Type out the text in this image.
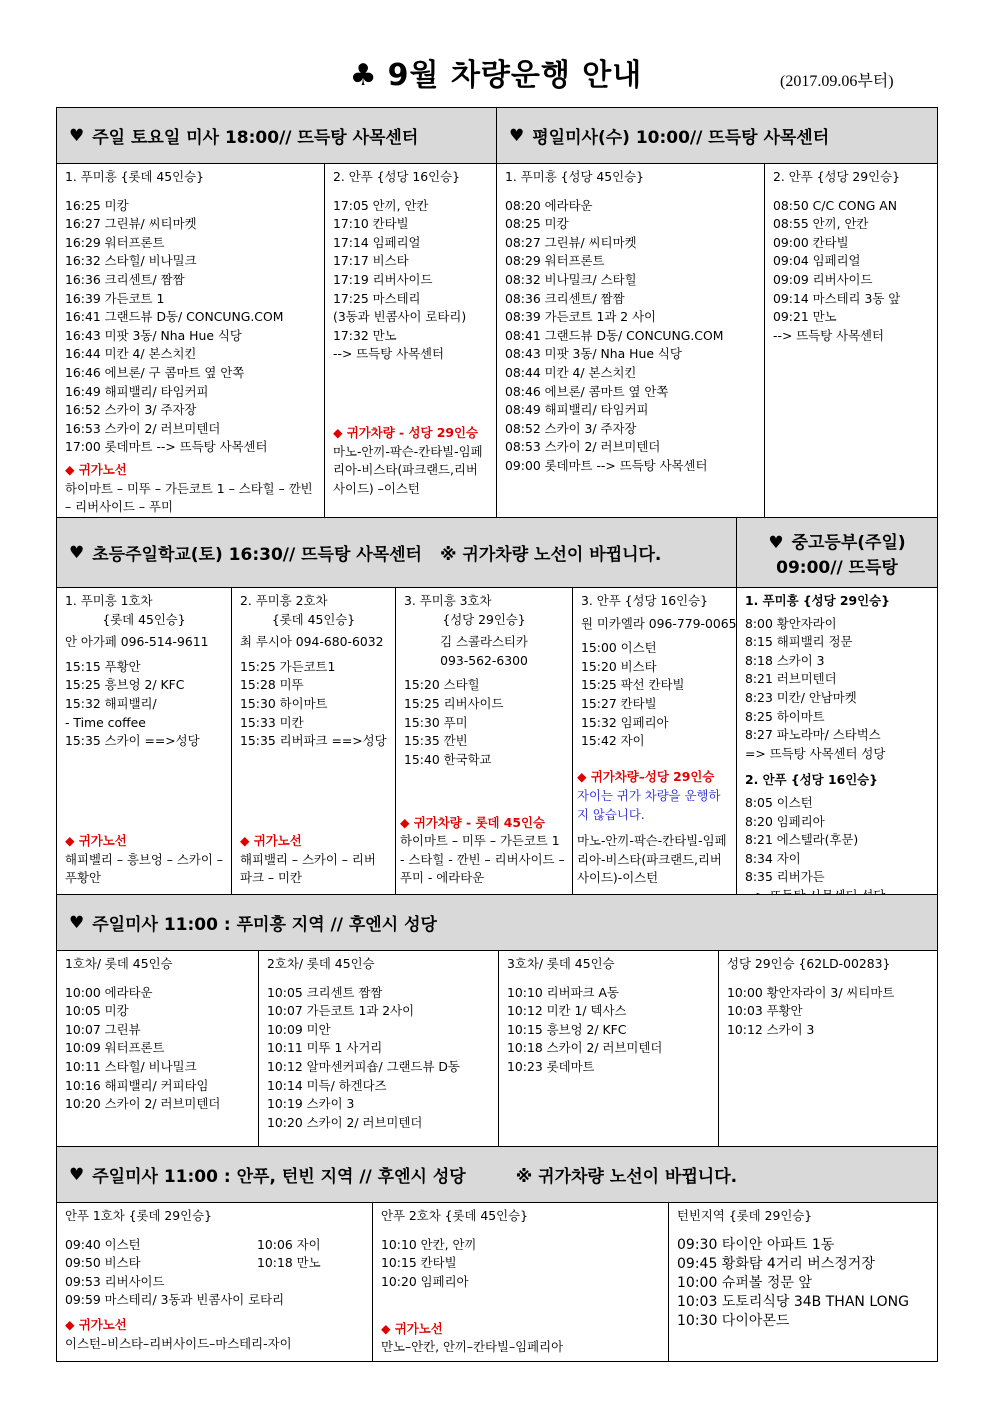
♣ 9월 차량운행 안내	(2017.09.06부터)
♥ 주일 토요일 미사 18:00// 뜨득탕 사목센터	♥ 평일미사(수) 10:00// 뜨득탕 사목센터
1. 푸미흥 {롯데 45인승}
16:25 미캉
16:27 그린뷰/ 씨티마켓
16:29 워터프론트
16:32 스타힐/ 비나밀크
16:36 크리센트/ 짬짬
16:39 가든코트 1
16:41 그랜드뷰 D동/ CONCUNG.COM
16:43 미팟 3동/ Nha Hue 식당
16:44 미칸 4/ 본스치킨
16:46 에브론/ 구 콤마트 옆 안쪽
16:49 해피밸리/ 타임커피
16:52 스카이 3/ 주자장
16:53 스카이 2/ 러브미텐더
17:00 롯데마트 --> 뜨득탕 사목센터
◆ 귀가노선
하이마트 – 미뚜 – 가든코트 1 – 스타힐 – 깐빈 – 리버사이드 – 푸미
2. 안푸 {성당 16인승}
17:05 안끼, 안칸
17:10 칸타빌
17:14 임페리얼
17:17 비스타
17:19 리버사이드
17:25 마스테리
(3동과 빈콤사이 로타리)
17:32 만노
--> 뜨득탕 사목센터
◆ 귀가차량 - 성당 29인승
마노-안끼-팍슨-칸타빌-임페리아-비스타(파크랜드,리버사이드) –이스턴
1. 푸미흥 {성당 45인승}
08:20 에라타운
08:25 미캉
08:27 그린뷰/ 씨티마켓
08:29 워터프론트
08:32 비나밀크/ 스타힐
08:36 크리센트/ 짬짬
08:39 가든코트 1과 2 사이
08:41 그랜드뷰 D동/ CONCUNG.COM
08:43 미팟 3동/ Nha Hue 식당
08:44 미칸 4/ 본스치킨
08:46 에브론/ 콤마트 옆 안쪽
08:49 해피밸리/ 타임커피
08:52 스카이 3/ 주자장
08:53 스카이 2/ 러브미텐더
09:00 롯데마트 --> 뜨득탕 사목센터
2. 안푸 {성당 29인승}
08:50 C/C CONG AN
08:55 안끼, 안칸
09:00 칸타빌
09:04 임페리얼
09:09 리버사이드
09:14 마스테리 3동 앞
09:21 만노
--> 뜨득탕 사목센터
♥ 초등주일학교(토) 16:30// 뜨득탕 사목센터 ※ 귀가차량 노선이 바뀝니다.
♥ 중고등부(주일)
09:00// 뜨득탕
1. 푸미흥 1호차
{롯데 45인승}
안 아가페 096-514-9611
15:15 푸황안
15:25 흥브엉 2/ KFC
15:32 해피밸리/
- Time coffee
15:35 스카이 ==>성당
◆ 귀가노선
해피벨리 – 흥브엉 – 스카이 – 푸황안
2. 푸미흥 2호차
{롯데 45인승}
최 루시아 094-680-6032
15:25 가든코트1
15:28 미뚜
15:30 하이마트
15:33 미칸
15:35 리버파크 ==>성당
◆ 귀가노선
해피밸리 – 스카이 – 리버파크 – 미칸
3. 푸미흥 3호차
{성당 29인승}
김 스콜라스티카
093-562-6300
15:20 스타힐
15:25 리버사이드
15:30 푸미
15:35 깐빈
15:40 한국학교
◆ 귀가차량 - 롯데 45인승
하이마트 – 미뚜 – 가든코트 1 - 스타힐 - 깐빈 – 리버사이드 – 푸미 - 에라타운
3. 안푸 {성당 16인승}
원 미카엘라 096-779-0065
15:00 이스턴
15:20 비스타
15:25 팍선 칸타빌
15:27 칸타빌
15:32 임페리아
15:42 자이
◆ 귀가차량–성당 29인승
자이는 귀가 차량을 운행하지 않습니다.
마노-안끼-팍슨-칸타빌-임페리아-비스타(파크랜드,리버사이드)-이스턴
1. 푸미흥 {성당 29인승}
8:00 황안자라이
8:15 해피밸리 정문
8:18 스카이 3
8:21 러브미텐더
8:23 미칸/ 안남마켓
8:25 하이마트
8:27 파노라마/ 스타벅스
=> 뜨득탕 사목센터 성당
2. 안푸 {성당 16인승}
8:05 이스턴
8:20 임페리아
8:21 에스텔라(후문)
8:34 자이
8:35 리버가든
♥ 주일미사 11:00 : 푸미흥 지역 // 후엔시 성당
1호차/ 롯데 45인승
10:00 에라타운
10:05 미캉
10:07 그린뷰
10:09 워터프론트
10:11 스타힐/ 비나밀크
10:16 해피밸리/ 커피타임
10:20 스카이 2/ 러브미텐더
2호차/ 롯데 45인승
10:05 크리센트 짬짬
10:07 가든코트 1과 2사이
10:09 미안
10:11 미뚜 1 사거리
10:12 알마센커피숍/ 그랜드뷰 D동
10:14 미득/ 하겐다즈
10:19 스카이 3
10:20 스카이 2/ 러브미텐더
3호차/ 롯데 45인승
10:10 리버파크 A동
10:12 미칸 1/ 텍사스
10:15 흥브엉 2/ KFC
10:18 스카이 2/ 러브미텐더
10:23 롯데마트
성당 29인승 {62LD-00283}
10:00 황안자라이 3/ 씨티마트
10:03 푸황안
10:12 스카이 3
♥ 주일미사 11:00 : 안푸, 턴빈 지역 // 후엔시 성당	※ 귀가차량 노선이 바뀝니다.
안푸 1호차 {롯데 29인승}
09:40 이스턴	10:06 자이
09:50 비스타	10:18 만노
09:53 리버사이드
09:59 마스테리/ 3동과 빈콤사이 로타리
◆ 귀가노선
이스턴–비스타–리버사이드–마스테리-자이
안푸 2호차 {롯데 45인승}
10:10 안칸, 안끼
10:15 칸타빌
10:20 임페리아
◆ 귀가노선
만노–안칸, 안끼–칸타빌–임페리아
턴빈지역 {롯데 29인승}
09:30 타이안 아파트 1동
09:45 황화탐 4거리 버스정거장
10:00 슈퍼볼 정문 앞
10:03 도토리식당 34B THAN LONG
10:30 다이아몬드
